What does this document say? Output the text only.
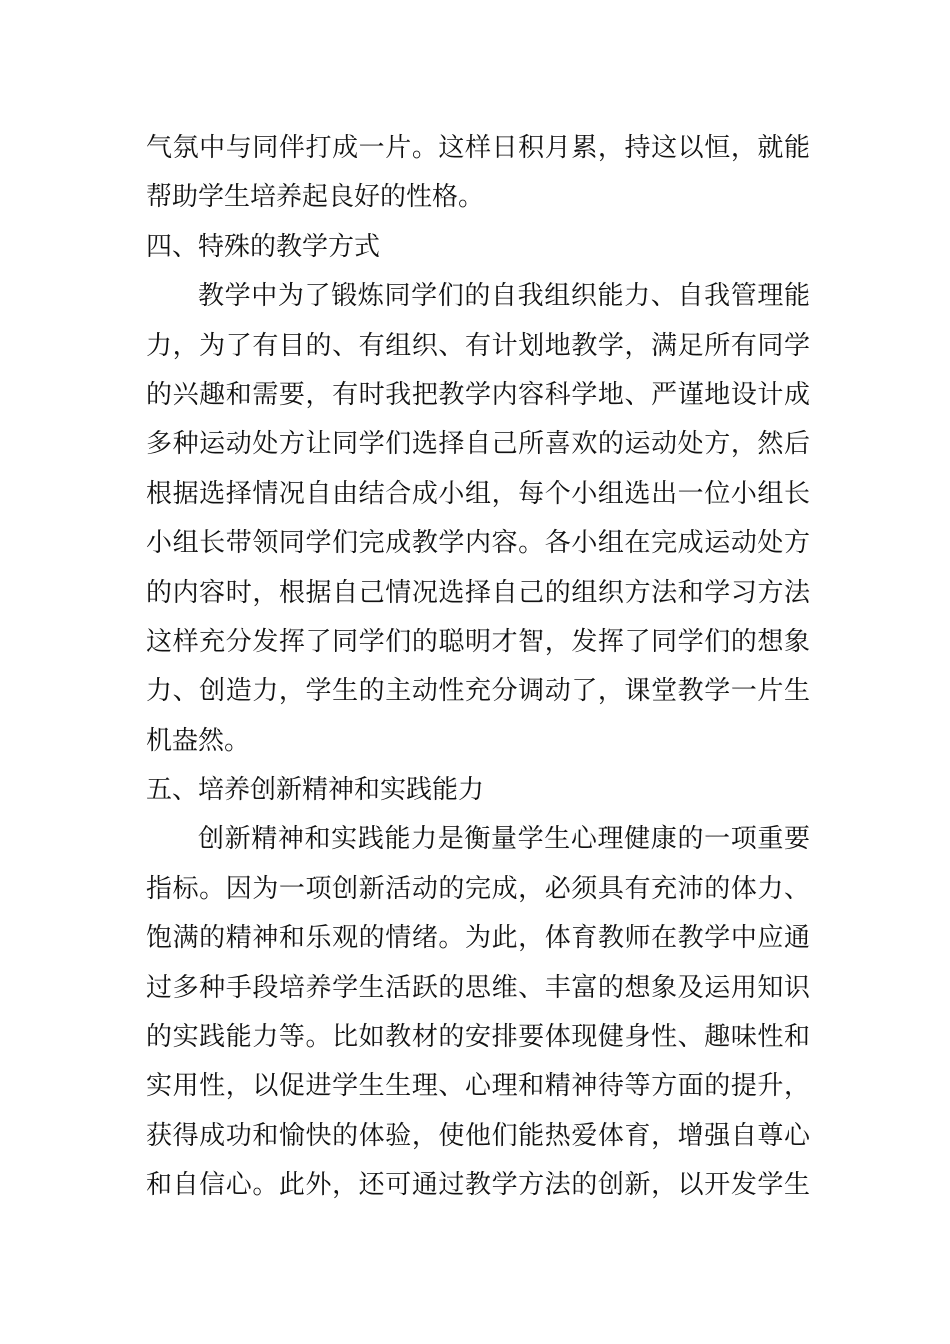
气氛中与同伴打成一片。这样日积月累，持这以恒，就能
帮助学生培养起良好的性格。
四、特殊的教学方式
教学中为了锻炼同学们的自我组织能力、自我管理能
力，为了有目的、有组织、有计划地教学，满足所有同学
的兴趣和需要，有时我把教学内容科学地、严谨地设计成
多种运动处方让同学们选择自己所喜欢的运动处方，然后
根据选择情况自由结合成小组，每个小组选出一位小组长
小组长带领同学们完成教学内容。各小组在完成运动处方
的内容时，根据自己情况选择自己的组织方法和学习方法
这样充分发挥了同学们的聪明才智，发挥了同学们的想象
力、创造力，学生的主动性充分调动了，课堂教学一片生
机盎然。
五、培养创新精神和实践能力
创新精神和实践能力是衡量学生心理健康的一项重要
指标。因为一项创新活动的完成，必须具有充沛的体力、
饱满的精神和乐观的情绪。为此，体育教师在教学中应通
过多种手段培养学生活跃的思维、丰富的想象及运用知识
的实践能力等。比如教材的安排要体现健身性、趣味性和
实用性，以促进学生生理、心理和精神待等方面的提升，
获得成功和愉快的体验，使他们能热爱体育，增强自尊心
和自信心。此外，还可通过教学方法的创新，以开发学生
